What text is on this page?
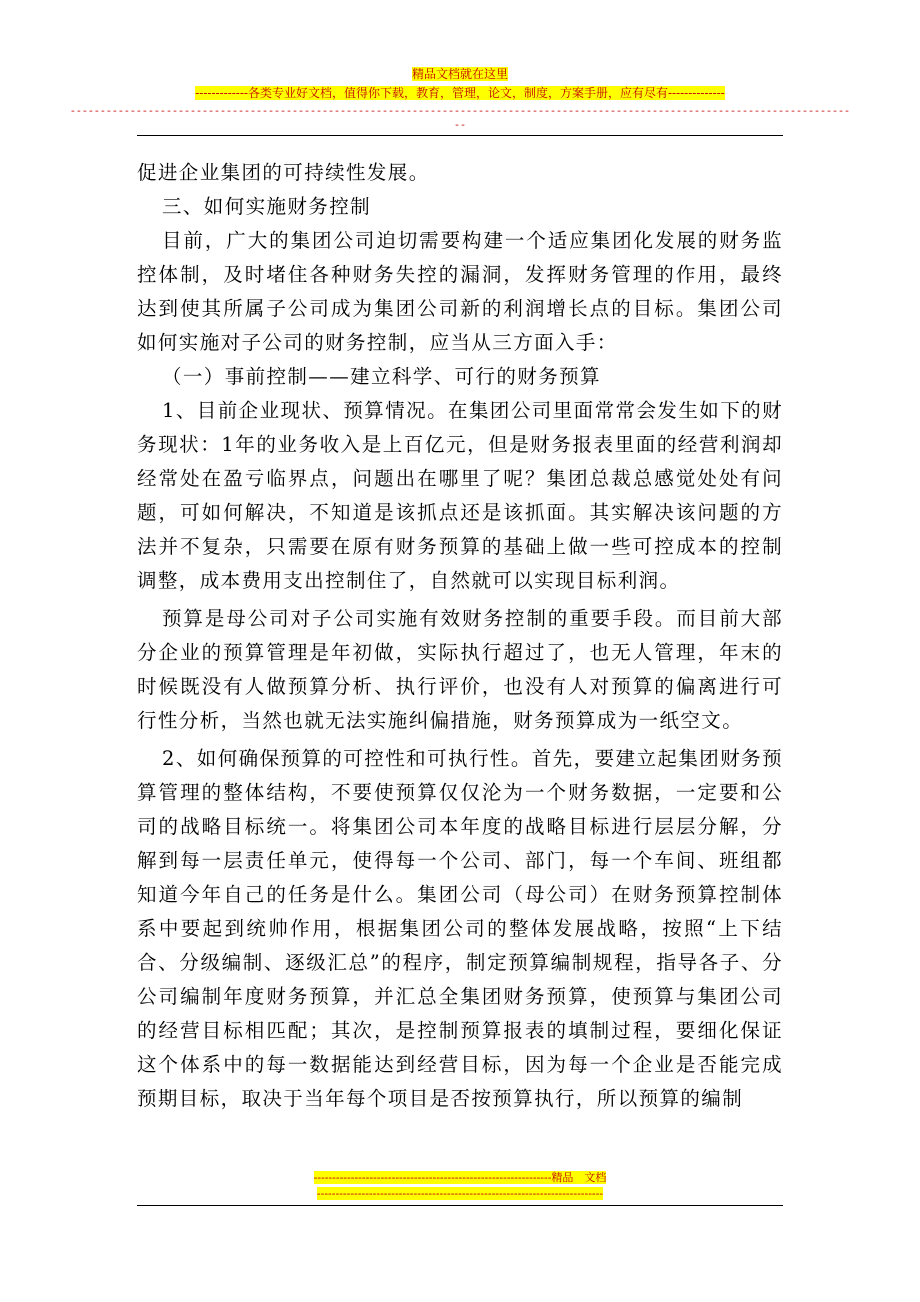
精品文档就在这里
-------------各类专业好文档，值得你下载，教育，管理，论文，制度，方案手册，应有尽有--------------
----------------------------------------------------------------------------------------------------------------------------------
--

促进企业集团的可持续性发展。

三、如何实施财务控制

目前，广大的集团公司迫切需要构建一个适应集团化发展的财务监控体制，及时堵住各种财务失控的漏洞，发挥财务管理的作用，最终达到使其所属子公司成为集团公司新的利润增长点的目标。集团公司如何实施对子公司的财务控制，应当从三方面入手：

（一）事前控制——建立科学、可行的财务预算

1、目前企业现状、预算情况。在集团公司里面常常会发生如下的财务现状：1年的业务收入是上百亿元，但是财务报表里面的经营利润却经常处在盈亏临界点，问题出在哪里了呢？集团总裁总感觉处处有问题，可如何解决，不知道是该抓点还是该抓面。其实解决该问题的方法并不复杂，只需要在原有财务预算的基础上做一些可控成本的控制调整，成本费用支出控制住了，自然就可以实现目标利润。

预算是母公司对子公司实施有效财务控制的重要手段。而目前大部分企业的预算管理是年初做，实际执行超过了，也无人管理，年末的时候既没有人做预算分析、执行评价，也没有人对预算的偏离进行可行性分析，当然也就无法实施纠偏措施，财务预算成为一纸空文。

2、如何确保预算的可控性和可执行性。首先，要建立起集团财务预算管理的整体结构，不要使预算仅仅沦为一个财务数据，一定要和公司的战略目标统一。将集团公司本年度的战略目标进行层层分解，分解到每一层责任单元，使得每一个公司、部门，每一个车间、班组都知道今年自己的任务是什么。集团公司（母公司）在财务预算控制体系中要起到统帅作用，根据集团公司的整体发展战略，按照“上下结合、分级编制、逐级汇总”的程序，制定预算编制规程，指导各子、分公司编制年度财务预算，并汇总全集团财务预算，使预算与集团公司的经营目标相匹配；其次，是控制预算报表的填制过程，要细化保证这个体系中的每一数据能达到经营目标，因为每一个企业是否能完成预期目标，取决于当年每个项目是否按预算执行，所以预算的编制

----------------------------------------------------------------精品　文档
-----------------------------------------------------------------------------
